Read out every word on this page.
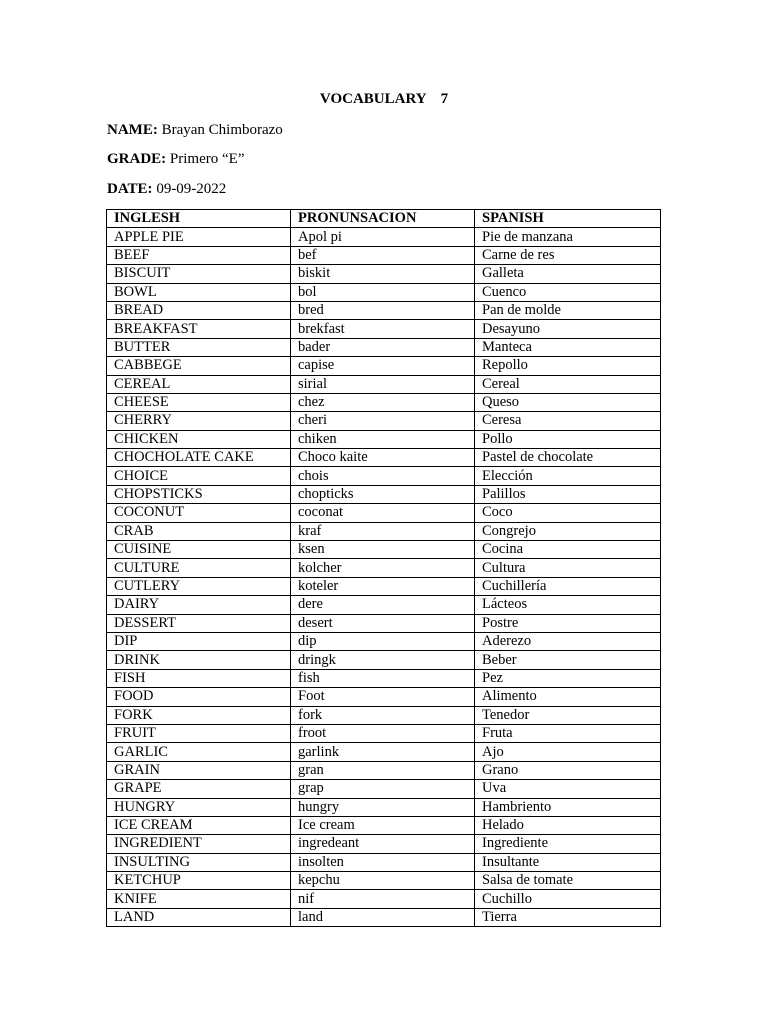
VOCABULARY 7
NAME: Brayan Chimborazo
GRADE: Primero “E”
DATE: 09-09-2022
INGLESH	PRONUNSACION	SPANISH
APPLE PIE	Apol pi	Pie de manzana
BEEF	bef	Carne de res
BISCUIT	biskit	Galleta
BOWL	bol	Cuenco
BREAD	bred	Pan de molde
BREAKFAST	brekfast	Desayuno
BUTTER	bader	Manteca
CABBEGE	capise	Repollo
CEREAL	sirial	Cereal
CHEESE	chez	Queso
CHERRY	cheri	Ceresa
CHICKEN	chiken	Pollo
CHOCHOLATE CAKE	Choco kaite	Pastel de chocolate
CHOICE	chois	Elección
CHOPSTICKS	chopticks	Palillos
COCONUT	coconat	Coco
CRAB	kraf	Congrejo
CUISINE	ksen	Cocina
CULTURE	kolcher	Cultura
CUTLERY	koteler	Cuchillería
DAIRY	dere	Lácteos
DESSERT	desert	Postre
DIP	dip	Aderezo
DRINK	dringk	Beber
FISH	fish	Pez
FOOD	Foot	Alimento
FORK	fork	Tenedor
FRUIT	froot	Fruta
GARLIC	garlink	Ajo
GRAIN	gran	Grano
GRAPE	grap	Uva
HUNGRY	hungry	Hambriento
ICE CREAM	Ice cream	Helado
INGREDIENT	ingredeant	Ingrediente
INSULTING	insolten	Insultante
KETCHUP	kepchu	Salsa de tomate
KNIFE	nif	Cuchillo
LAND	land	Tierra
